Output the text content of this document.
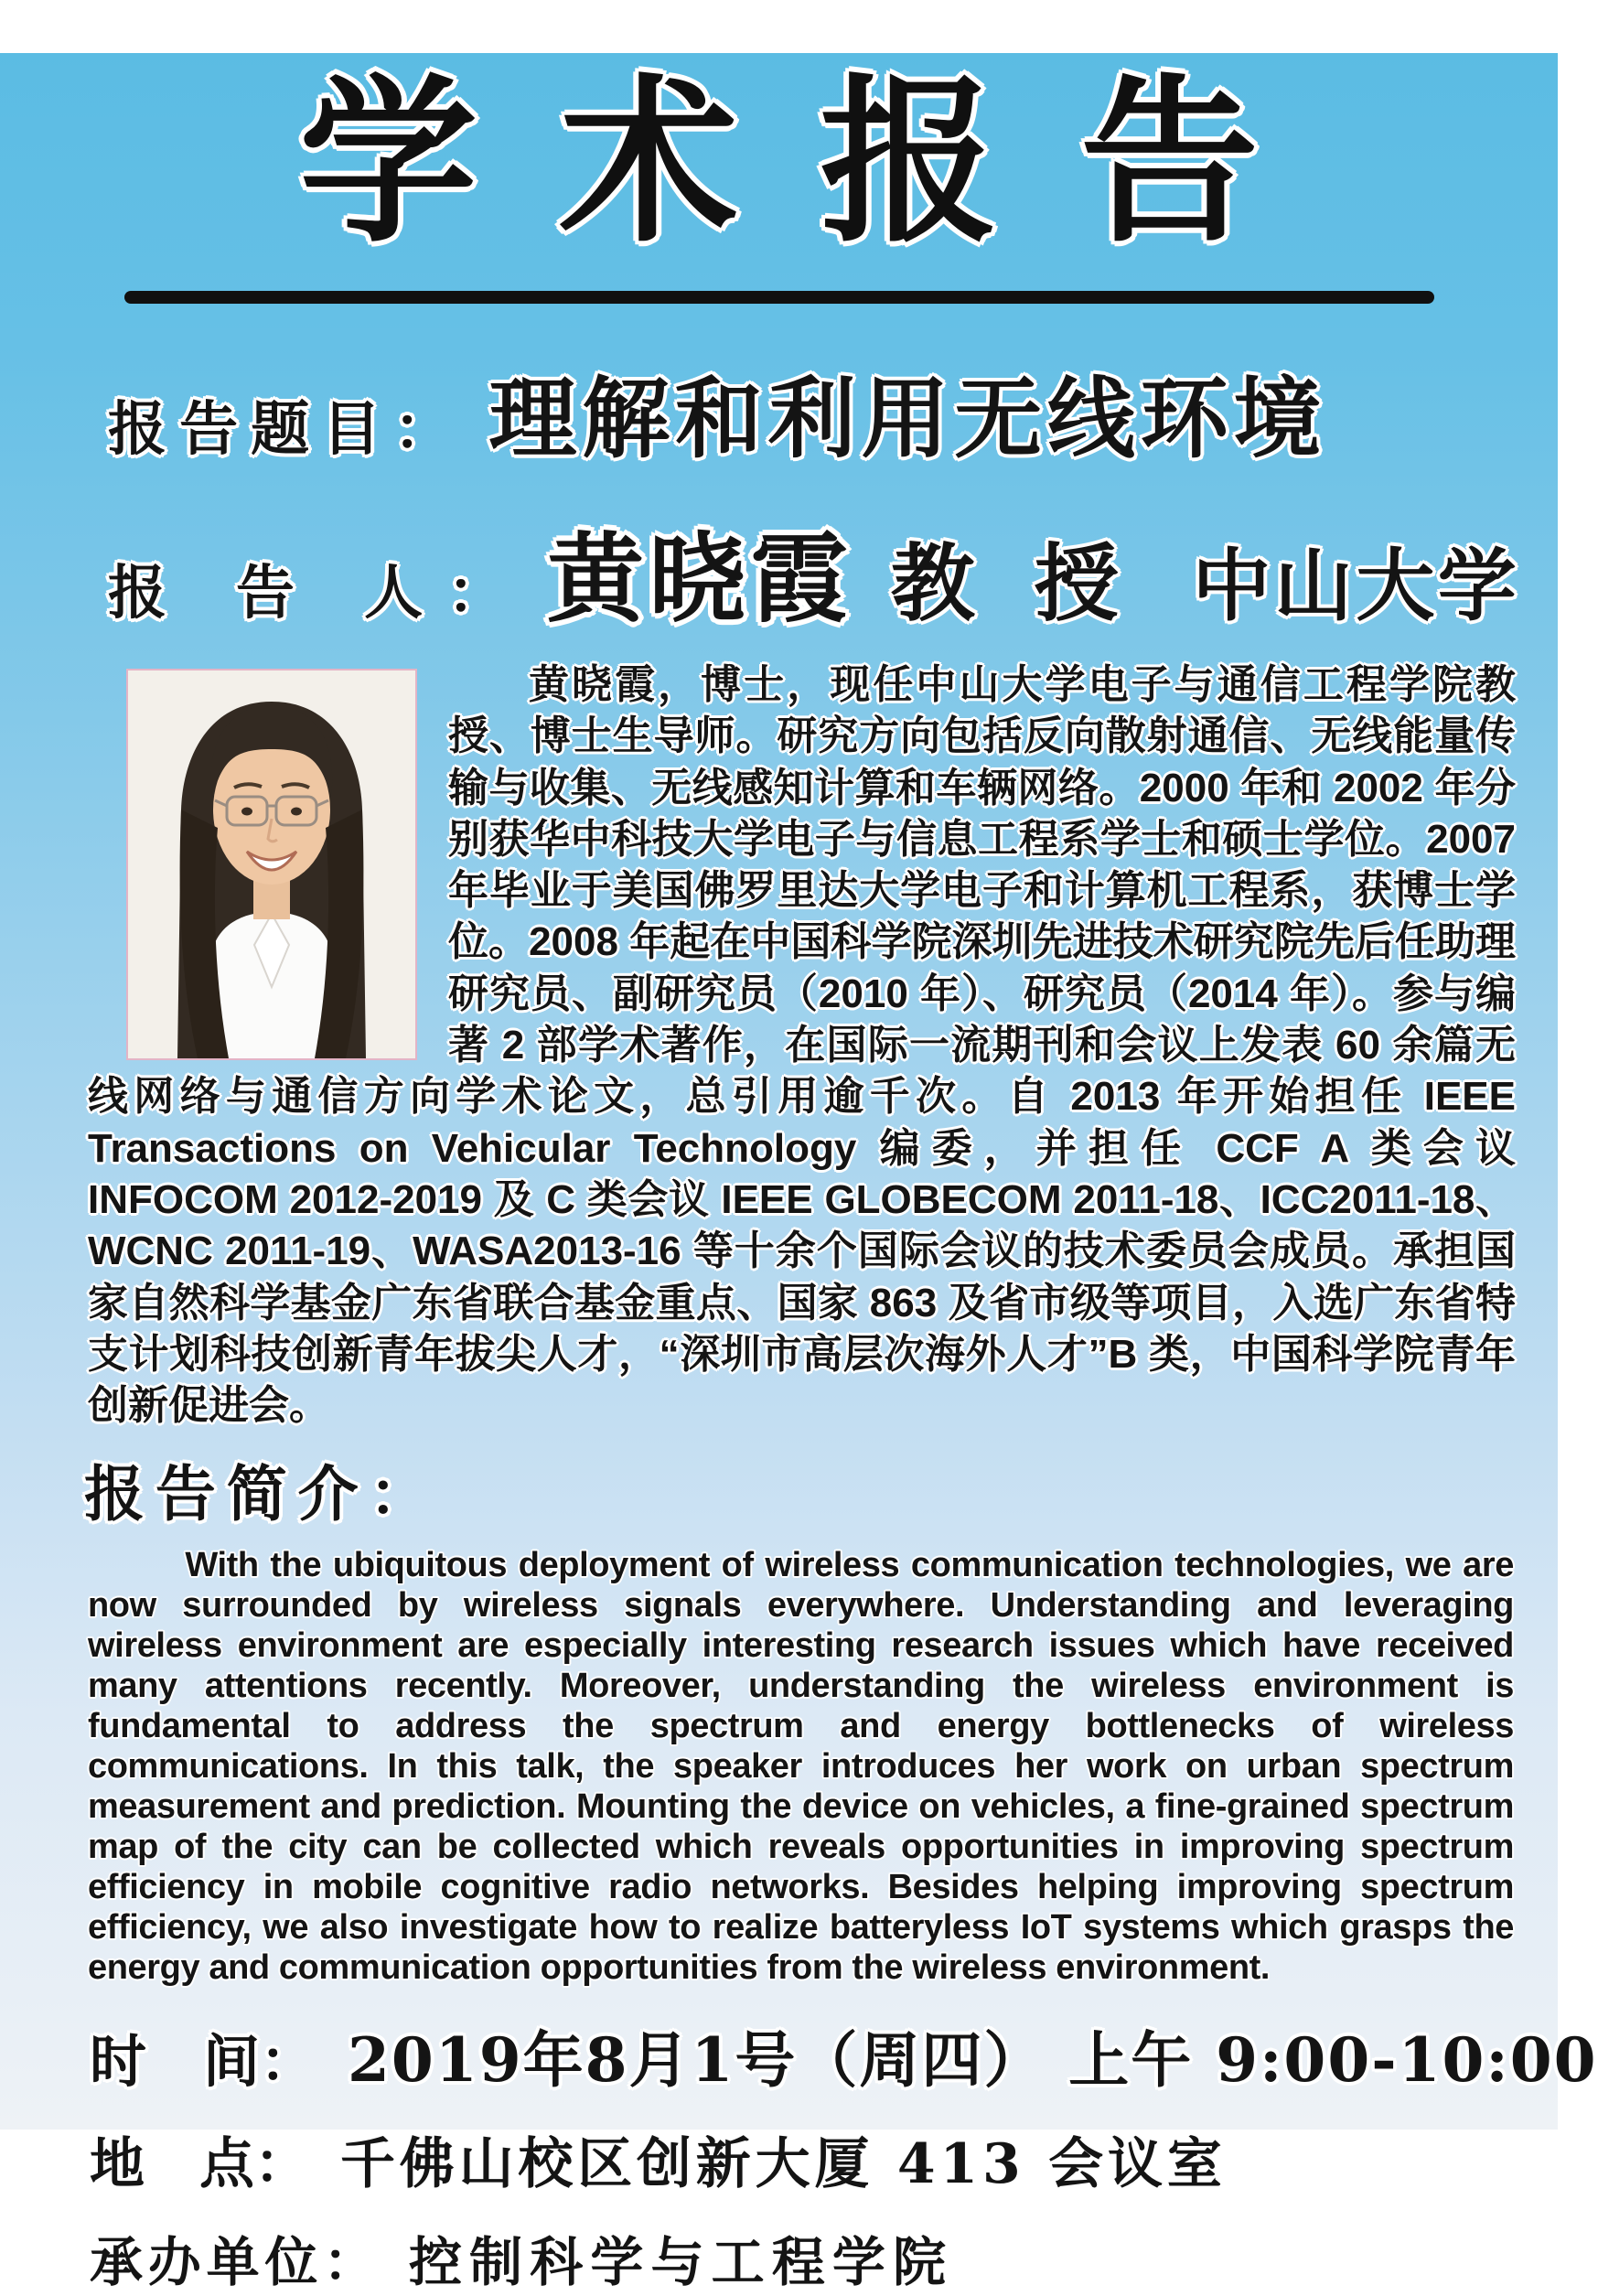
学术报告
报告题目： 理解和利用无线环境
报 告 人： 黄晓霞 教 授 中山大学

黄晓霞，博士，现任中山大学电子与通信工程学院教授、博士生导师。研究方向包括反向散射通信、无线能量传输与收集、无线感知计算和车辆网络。2000 年和 2002 年分别获华中科技大学电子与信息工程系学士和硕士学位。2007 年毕业于美国佛罗里达大学电子和计算机工程系，获博士学位。2008 年起在中国科学院深圳先进技术研究院先后任助理研究员、副研究员（2010 年）、研究员（2014 年）。参与编著 2 部学术著作，在国际一流期刊和会议上发表 60 余篇无线网络与通信方向学术论文，总引用逾千次。自 2013 年开始担任 IEEE Transactions on Vehicular Technology 编委，并担任 CCF A 类会议 INFOCOM 2012-2019 及 C 类会议 IEEE GLOBECOM 2011-18、ICC2011-18、WCNC 2011-19、WASA2013-16 等十余个国际会议的技术委员会成员。承担国家自然科学基金广东省联合基金重点、国家 863 及省市级等项目，入选广东省特支计划科技创新青年拔尖人才，“深圳市高层次海外人才”B 类，中国科学院青年创新促进会。

报告简介：

With the ubiquitous deployment of wireless communication technologies, we are now surrounded by wireless signals everywhere. Understanding and leveraging wireless environment are especially interesting research issues which have received many attentions recently. Moreover, understanding the wireless environment is fundamental to address the spectrum and energy bottlenecks of wireless communications. In this talk, the speaker introduces her work on urban spectrum measurement and prediction. Mounting the device on vehicles, a fine-grained spectrum map of the city can be collected which reveals opportunities in improving spectrum efficiency in mobile cognitive radio networks. Besides helping improving spectrum efficiency, we also investigate how to realize batteryless IoT systems which grasps the energy and communication opportunities from the wireless environment.

时　间： 2019年8月1号（周四） 上午 9:00-10:00
地　点： 千佛山校区创新大厦 413 会议室
承办单位： 控制科学与工程学院
